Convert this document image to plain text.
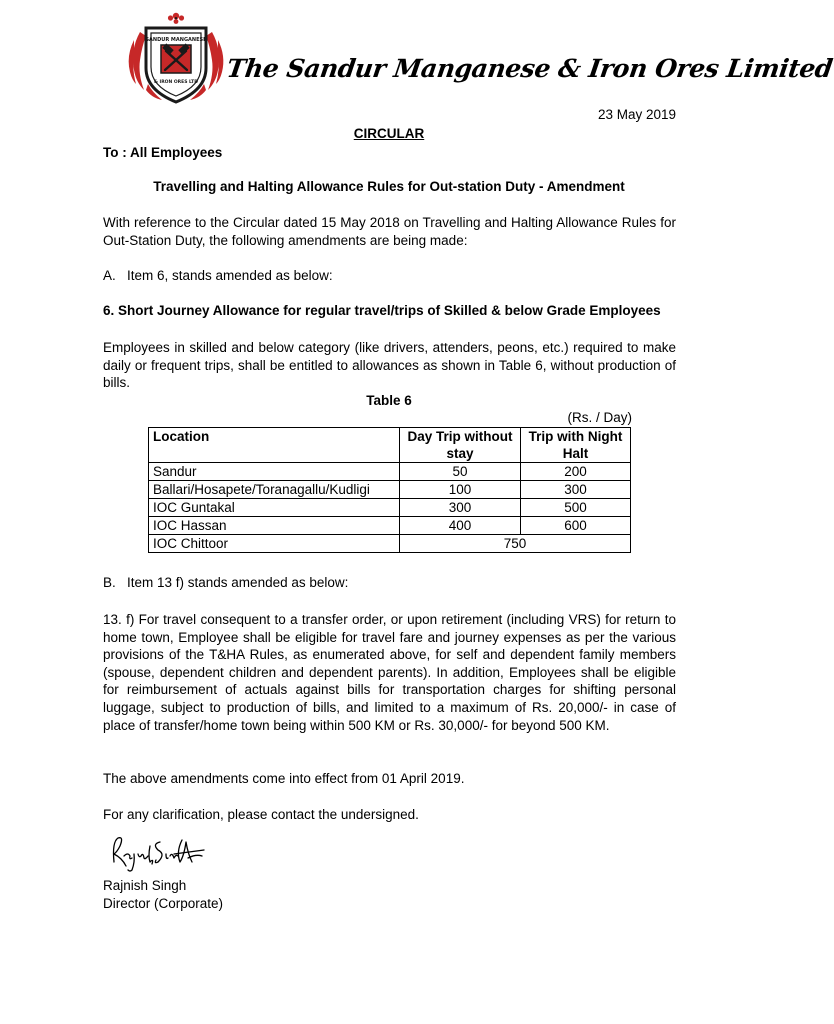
SANDUR MANGANESE
& IRON ORES LTD The Sandur Manganese & Iron Ores Limited
23 May 2019
CIRCULAR
To : All Employees
Travelling and Halting Allowance Rules for Out-station Duty - Amendment
With reference to the Circular dated 15 May 2018 on Travelling and Halting Allowance Rules for Out-Station Duty, the following amendments are being made:
A.   Item 6, stands amended as below:
6. Short Journey Allowance for regular travel/trips of Skilled & below Grade Employees
Employees in skilled and below category (like drivers, attenders, peons, etc.) required to make daily or frequent trips, shall be entitled to allowances as shown in Table 6, without production of bills.
Table 6
(Rs. / Day)
Location	Day Trip without stay	Trip with Night Halt
Sandur	50	200
Ballari/Hosapete/Toranagallu/Kudligi	100	300
IOC Guntakal	300	500
IOC Hassan	400	600
IOC Chittoor	750	
B.   Item 13 f) stands amended as below:
13. f) For travel consequent to a transfer order, or upon retirement (including VRS) for return to home town, Employee shall be eligible for travel fare and journey expenses as per the various provisions of the T&HA Rules, as enumerated above, for self and dependent family members (spouse, dependent children and dependent parents). In addition, Employees shall be eligible for reimbursement of actuals against bills for transportation charges for shifting personal luggage, subject to production of bills, and limited to a maximum of Rs. 20,000/- in case of place of transfer/home town being within 500 KM or Rs. 30,000/- for beyond 500 KM.
The above amendments come into effect from 01 April 2019.
For any clarification, please contact the undersigned.
Rajnish Singh
Director (Corporate)
